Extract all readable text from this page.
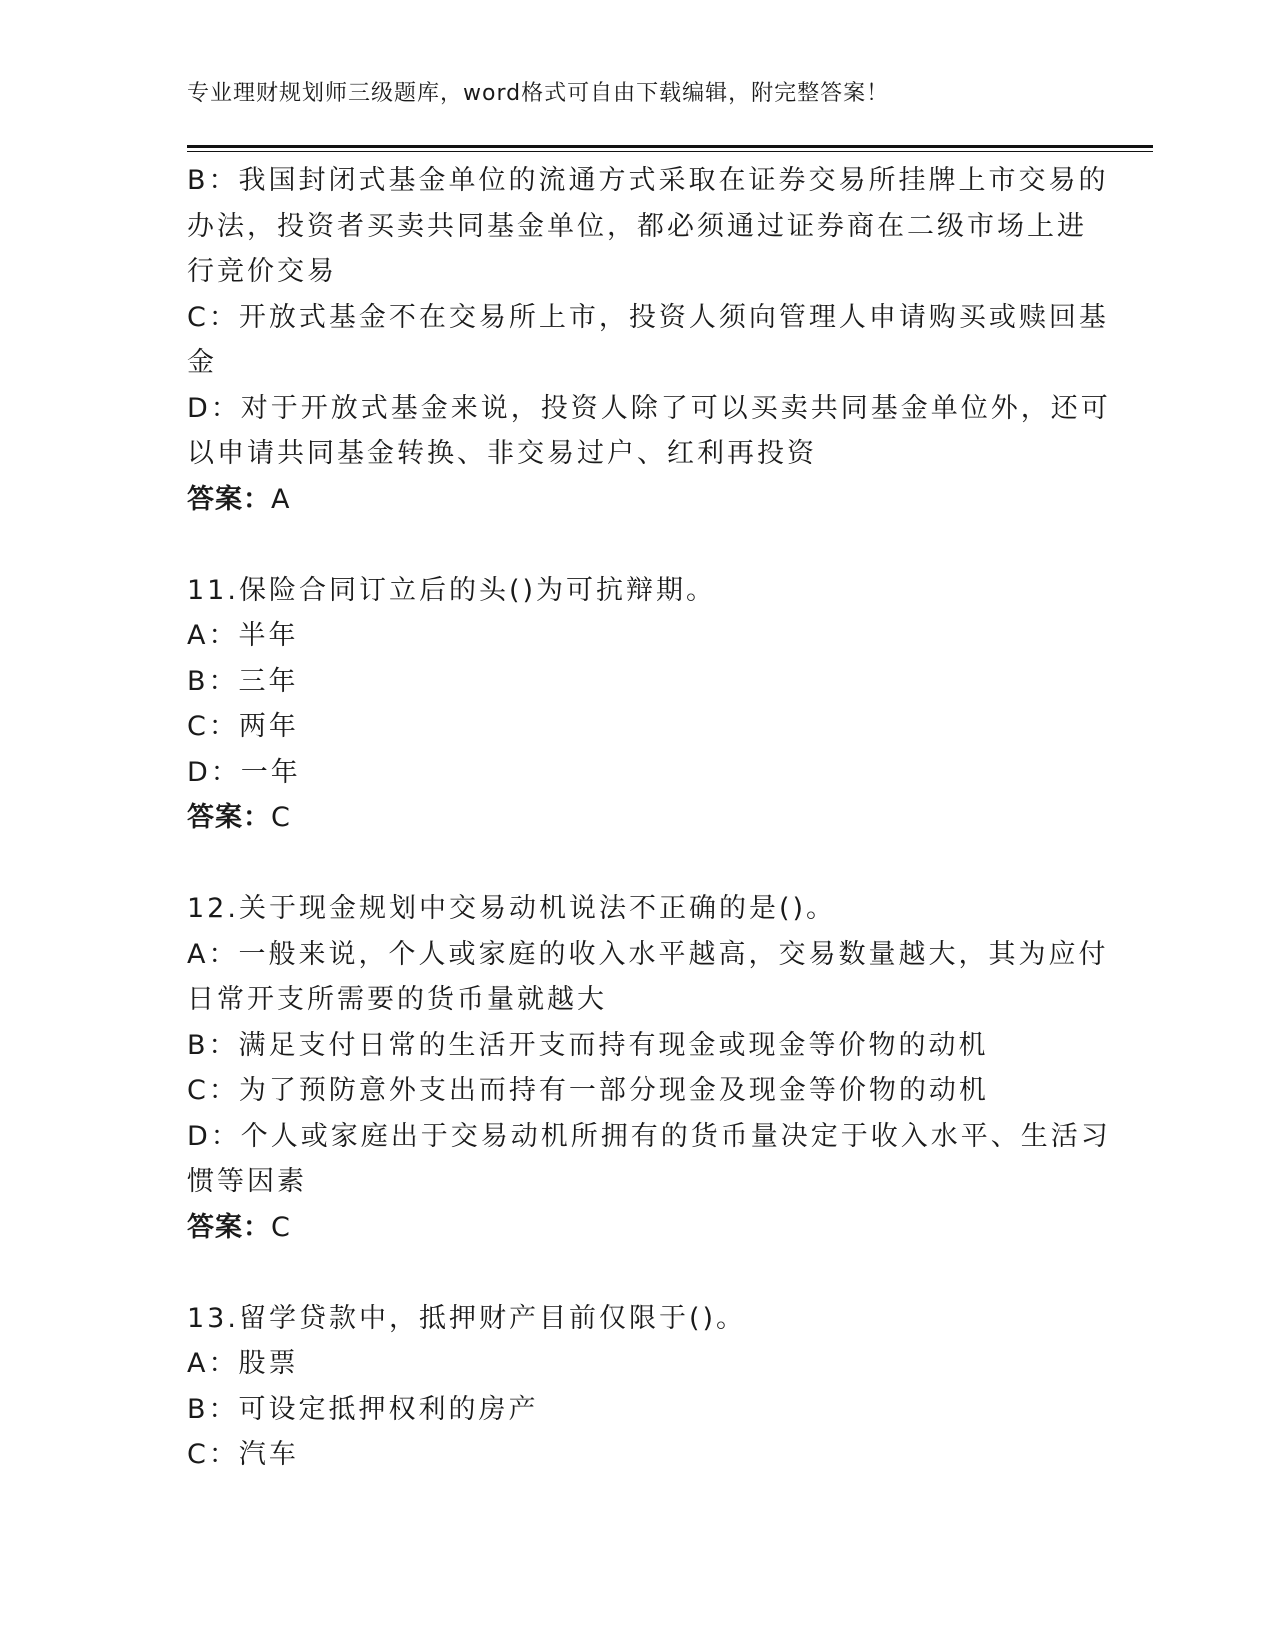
专业理财规划师三级题库，word格式可自由下载编辑，附完整答案！
B：我国封闭式基金单位的流通方式采取在证券交易所挂牌上市交易的
办法，投资者买卖共同基金单位，都必须通过证券商在二级市场上进
行竞价交易
C：开放式基金不在交易所上市，投资人须向管理人申请购买或赎回基
金
D：对于开放式基金来说，投资人除了可以买卖共同基金单位外，还可
以申请共同基金转换、非交易过户、红利再投资
答案：A
11.保险合同订立后的头()为可抗辩期。
A：半年
B：三年
C：两年
D：一年
答案：C
12.关于现金规划中交易动机说法不正确的是()。
A：一般来说，个人或家庭的收入水平越高，交易数量越大，其为应付
日常开支所需要的货币量就越大
B：满足支付日常的生活开支而持有现金或现金等价物的动机
C：为了预防意外支出而持有一部分现金及现金等价物的动机
D：个人或家庭出于交易动机所拥有的货币量决定于收入水平、生活习
惯等因素
答案：C
13.留学贷款中，抵押财产目前仅限于()。
A：股票
B：可设定抵押权利的房产
C：汽车
